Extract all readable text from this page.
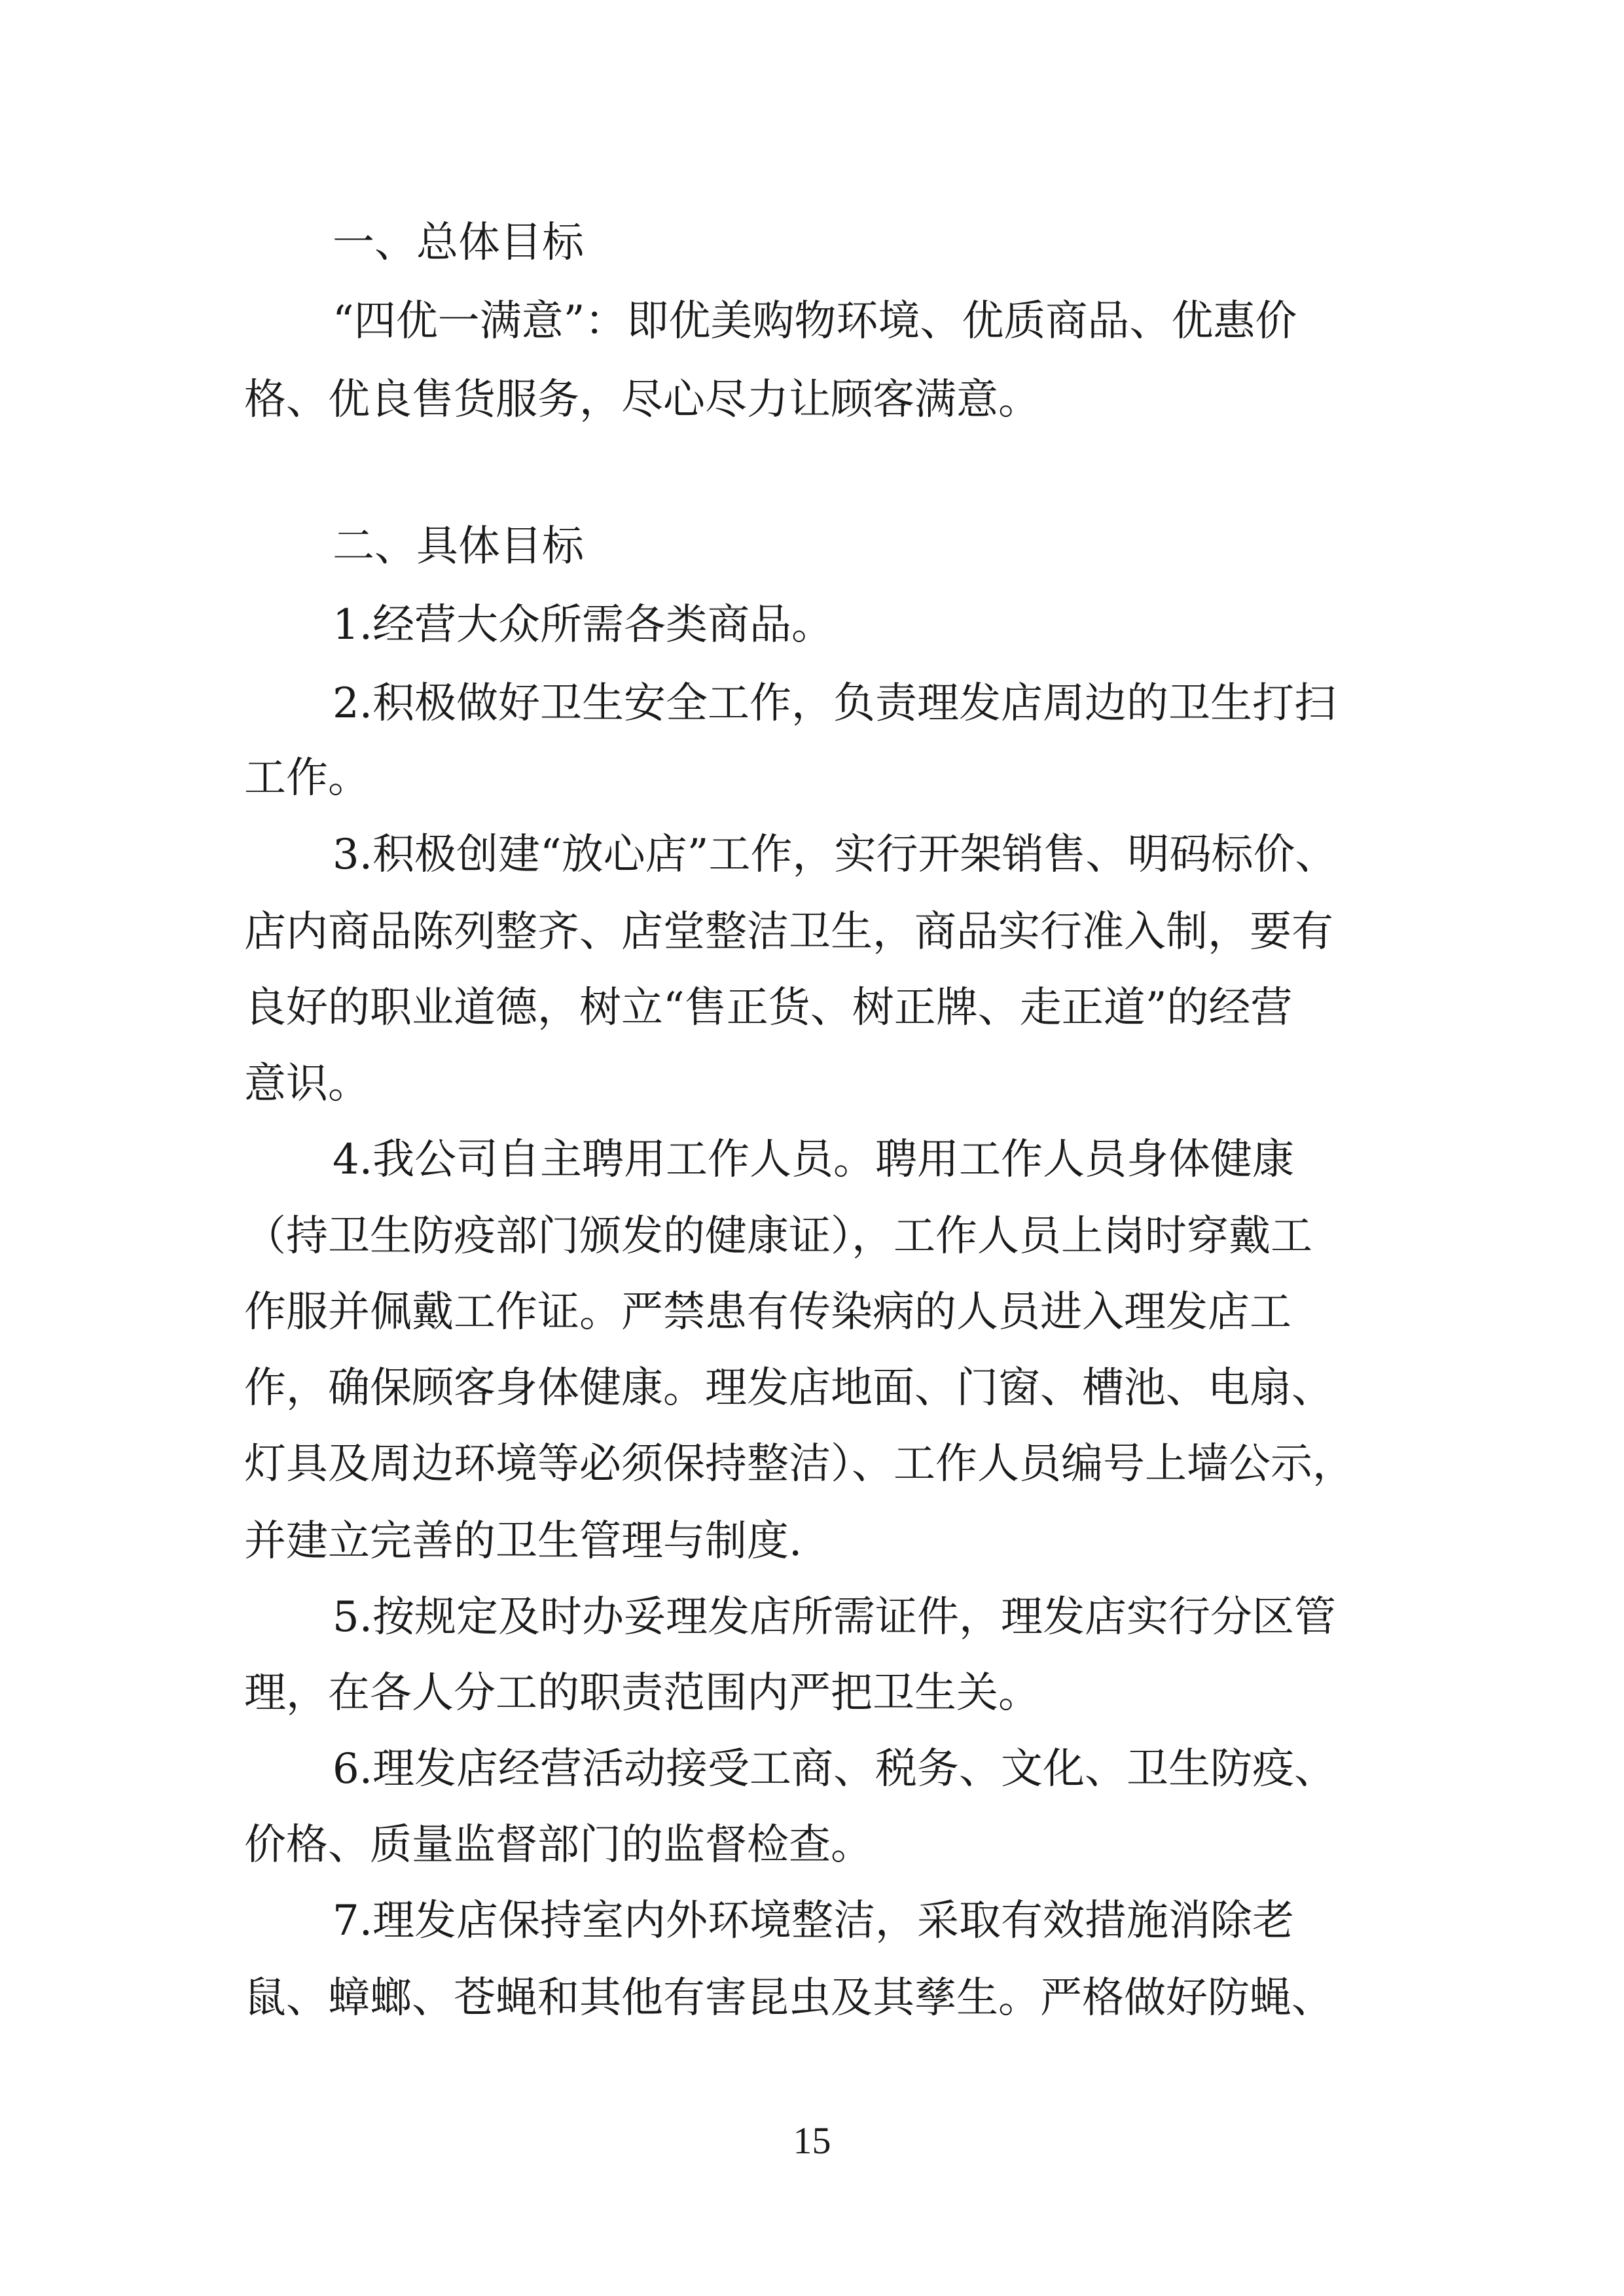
一、总体目标
“四优一满意”：即优美购物环境、优质商品、优惠价
格、优良售货服务，尽心尽力让顾客满意。
二、具体目标
1.经营大众所需各类商品。
2.积极做好卫生安全工作，负责理发店周边的卫生打扫
工作。
3.积极创建“放心店”工作，实行开架销售、明码标价、
店内商品陈列整齐、店堂整洁卫生，商品实行准入制，要有
良好的职业道德，树立“售正货、树正牌、走正道”的经营
意识。
4.我公司自主聘用工作人员。聘用工作人员身体健康
（持卫生防疫部门颁发的健康证），工作人员上岗时穿戴工
作服并佩戴工作证。严禁患有传染病的人员进入理发店工
作，确保顾客身体健康。理发店地面、门窗、槽池、电扇、
灯具及周边环境等必须保持整洁）、工作人员编号上墙公示，
并建立完善的卫生管理与制度.
5.按规定及时办妥理发店所需证件，理发店实行分区管
理，在各人分工的职责范围内严把卫生关。
6.理发店经营活动接受工商、税务、文化、卫生防疫、
价格、质量监督部门的监督检查。
7.理发店保持室内外环境整洁，采取有效措施消除老
鼠、蟑螂、苍蝇和其他有害昆虫及其孳生。严格做好防蝇、
15
